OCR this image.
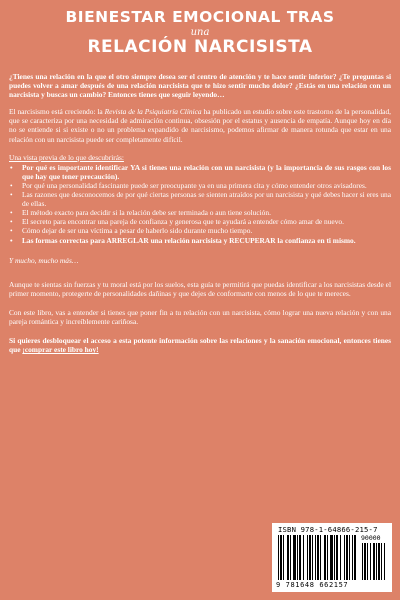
BIENESTAR EMOCIONAL TRAS
una
RELACIÓN NARCISISTA

¿Tienes una relación en la que el otro siempre desea ser el centro de atención y te hace sentir inferior? ¿Te preguntas si puedes volver a amar después de una relación narcisista que te hizo sentir mucho dolor? ¿Estás en una relación con un narcisista y buscas un cambio? Entonces tienes que seguir leyendo…

El narcisismo está creciendo: la Revista de la Psiquiatría Clínica ha publicado un estudio sobre este trastorno de la personalidad, que se caracteriza por una necesidad de admiración continua, obsesión por el estatus y ausencia de empatía. Aunque hoy en día no se entiende si si existe o no un problema expandido de narcisismo, podemos afirmar de manera rotunda que estar en una relación con un narcisista puede ser completamente difícil.

Una vista previa de lo que descubrirás:

• Por qué es importante identificar YA si tienes una relación con un narcisista (y la importancia de sus rasgos con los que hay que tener precaución).
• Por qué una personalidad fascinante puede ser preocupante ya en una primera cita y cómo entender otros avisadores.
• Las razones que desconocemos de por qué ciertas personas se sienten atraídos por un narcisista y qué debes hacer si eres una de ellas.
• El método exacto para decidir si la relación debe ser terminada o aun tiene solución.
• El secreto para encontrar una pareja de confianza y generosa que te ayudará a entender cómo amar de nuevo.
• Cómo dejar de ser una víctima a pesar de haberlo sido durante mucho tiempo.
• Las formas correctas para ARREGLAR una relación narcisista y RECUPERAR la confianza en ti mismo.

Y mucho, mucho más…

Aunque te sientas sin fuerzas y tu moral está por los suelos, esta guía te permitirá que puedas identificar a los narcisistas desde el primer momento, protegerte de personalidades dañinas y que dejes de conformarte con menos de lo que te mereces.

Con este libro, vas a entender si tienes que poner fin a tu relación con un narcisista, cómo lograr una nueva relación y con una pareja romántica y increíblemente cariñosa.

Si quieres desbloquear el acceso a esta potente información sobre las relaciones y la sanación emocional, entonces tienes que ¡comprar este libro hoy!

ISBN 978-1-64866-215-7
90000
9 781648 662157
